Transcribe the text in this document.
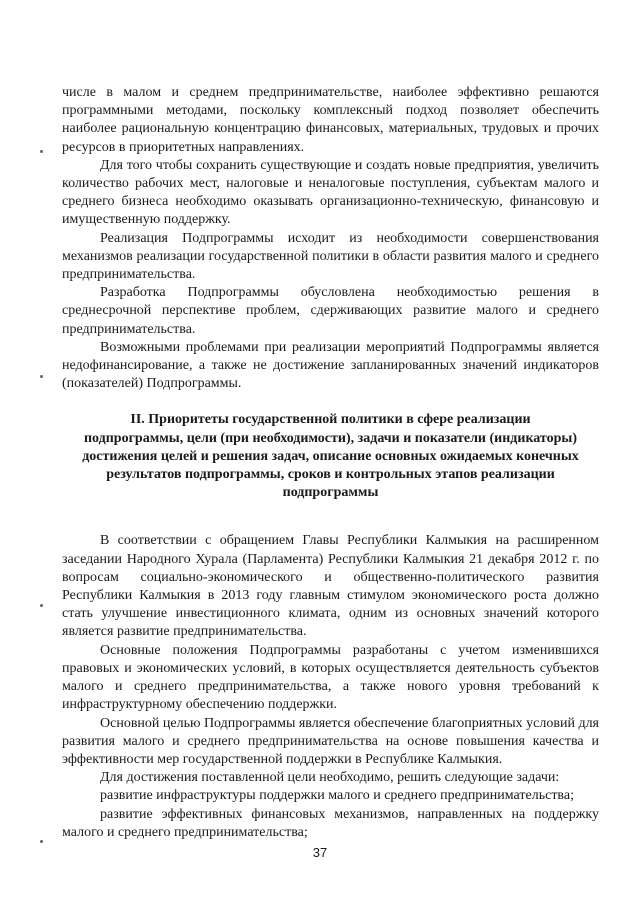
числе в малом и среднем предпринимательстве, наиболее эффективно решаются программными методами, поскольку комплексный подход позволяет обеспечить наиболее рациональную концентрацию финансовых, материальных, трудовых и прочих ресурсов в приоритетных направлениях.

Для того чтобы сохранить существующие и создать новые предприятия, увеличить количество рабочих мест, налоговые и неналоговые поступления, субъектам малого и среднего бизнеса необходимо оказывать организационно-техническую, финансовую и имущественную поддержку.

Реализация Подпрограммы исходит из необходимости совершенствования механизмов реализации государственной политики в области развития малого и среднего предпринимательства.

Разработка Подпрограммы обусловлена необходимостью решения в среднесрочной перспективе проблем, сдерживающих развитие малого и среднего предпринимательства.

Возможными проблемами при реализации мероприятий Подпрограммы является недофинансирование, а также не достижение запланированных значений индикаторов (показателей) Подпрограммы.

II. Приоритеты государственной политики в сфере реализации
подпрограммы, цели (при необходимости), задачи и показатели (индикаторы)
достижения целей и решения задач, описание основных ожидаемых конечных
результатов подпрограммы, сроков и контрольных этапов реализации
подпрограммы

В соответствии с обращением Главы Республики Калмыкия на расширенном заседании Народного Хурала (Парламента) Республики Калмыкия 21 декабря 2012 г. по вопросам социально-экономического и общественно-политического развития Республики Калмыкия в 2013 году главным стимулом экономического роста должно стать улучшение инвестиционного климата, одним из основных значений которого является развитие предпринимательства.

Основные положения Подпрограммы разработаны с учетом изменившихся правовых и экономических условий, в которых осуществляется деятельность субъектов малого и среднего предпринимательства, а также нового уровня требований к инфраструктурному обеспечению поддержки.

Основной целью Подпрограммы является обеспечение благоприятных условий для развития малого и среднего предпринимательства на основе повышения качества и эффективности мер государственной поддержки в Республике Калмыкия.

Для достижения поставленной цели необходимо, решить следующие задачи:

развитие инфраструктуры поддержки малого и среднего предпринимательства;

развитие эффективных финансовых механизмов, направленных на поддержку малого и среднего предпринимательства;

37
